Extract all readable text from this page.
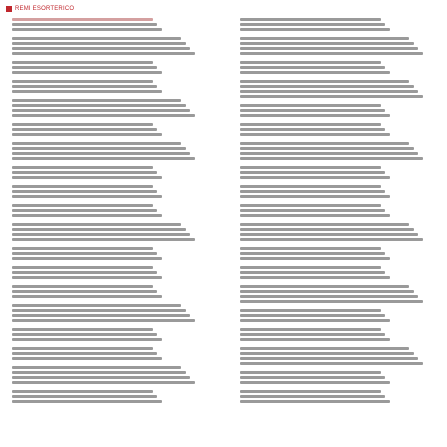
REMI ESORTERICO
